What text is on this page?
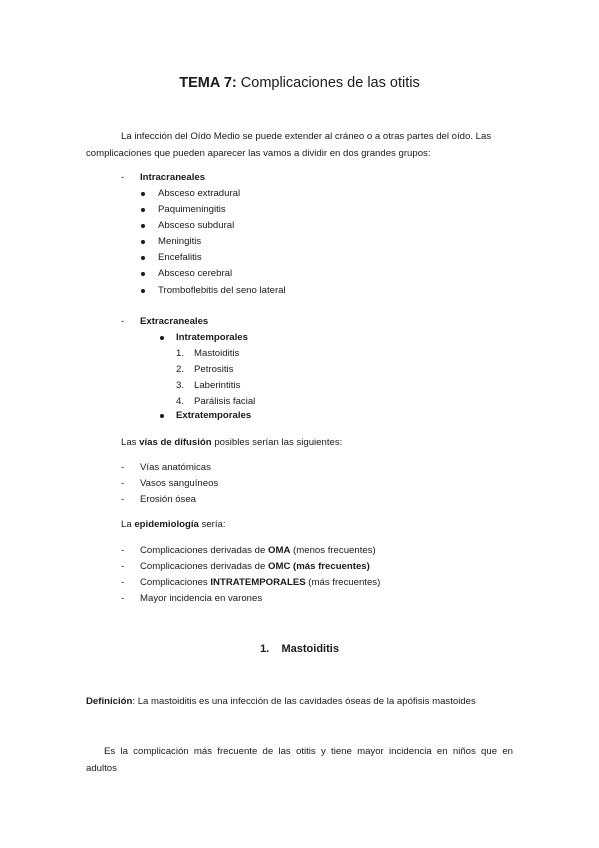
TEMA 7: Complicaciones de las otitis
La infección del Oído Medio se puede extender al cráneo o a otras partes del oído. Las
complicaciones que pueden aparecer las vamos a dividir en dos grandes grupos:
- Intracraneales
Absceso extradural
Paquimeningitis
Absceso subdural
Meningitis
Encefalitis
Absceso cerebral
Tromboflebitis del seno lateral
- Extracraneales
Intratemporales
1. Mastoiditis
2. Petrositis
3. Laberintitis
4. Parálisis facial
Extratemporales
Las vías de difusión posibles serían las siguientes:
- Vías anatómicas
- Vasos sanguíneos
- Erosión ósea
La epidemiología sería:
- Complicaciones derivadas de OMA (menos frecuentes)
- Complicaciones derivadas de OMC (más frecuentes)
- Complicaciones INTRATEMPORALES (más frecuentes)
- Mayor incidencia en varones
1. Mastoiditis
Definición: La mastoiditis es una infección de las cavidades óseas de la apófisis mastoides
Es la complicación más frecuente de las otitis y tiene mayor incidencia en niños que en
adultos
